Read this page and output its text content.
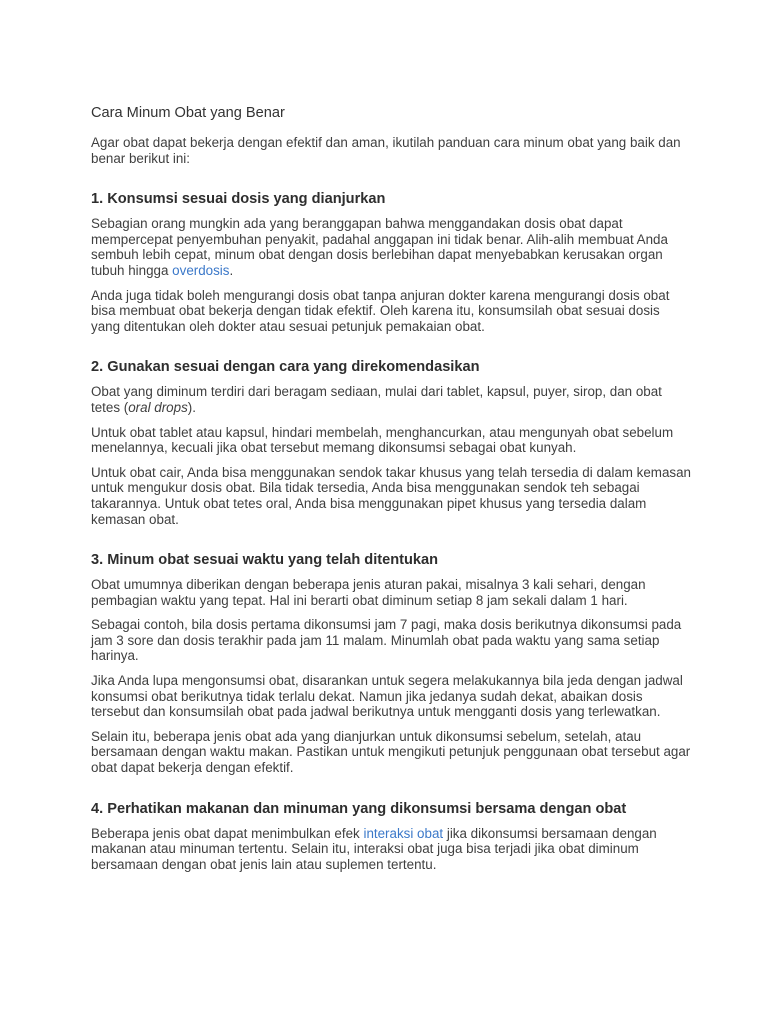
Cara Minum Obat yang Benar

Agar obat dapat bekerja dengan efektif dan aman, ikutilah panduan cara minum obat yang baik dan benar berikut ini:

1. Konsumsi sesuai dosis yang dianjurkan

Sebagian orang mungkin ada yang beranggapan bahwa menggandakan dosis obat dapat mempercepat penyembuhan penyakit, padahal anggapan ini tidak benar. Alih-alih membuat Anda sembuh lebih cepat, minum obat dengan dosis berlebihan dapat menyebabkan kerusakan organ tubuh hingga overdosis.

Anda juga tidak boleh mengurangi dosis obat tanpa anjuran dokter karena mengurangi dosis obat bisa membuat obat bekerja dengan tidak efektif. Oleh karena itu, konsumsilah obat sesuai dosis yang ditentukan oleh dokter atau sesuai petunjuk pemakaian obat.

2. Gunakan sesuai dengan cara yang direkomendasikan

Obat yang diminum terdiri dari beragam sediaan, mulai dari tablet, kapsul, puyer, sirop, dan obat tetes (oral drops).

Untuk obat tablet atau kapsul, hindari membelah, menghancurkan, atau mengunyah obat sebelum menelannya, kecuali jika obat tersebut memang dikonsumsi sebagai obat kunyah.

Untuk obat cair, Anda bisa menggunakan sendok takar khusus yang telah tersedia di dalam kemasan untuk mengukur dosis obat. Bila tidak tersedia, Anda bisa menggunakan sendok teh sebagai takarannya. Untuk obat tetes oral, Anda bisa menggunakan pipet khusus yang tersedia dalam kemasan obat.

3. Minum obat sesuai waktu yang telah ditentukan

Obat umumnya diberikan dengan beberapa jenis aturan pakai, misalnya 3 kali sehari, dengan pembagian waktu yang tepat. Hal ini berarti obat diminum setiap 8 jam sekali dalam 1 hari.

Sebagai contoh, bila dosis pertama dikonsumsi jam 7 pagi, maka dosis berikutnya dikonsumsi pada jam 3 sore dan dosis terakhir pada jam 11 malam. Minumlah obat pada waktu yang sama setiap harinya.

Jika Anda lupa mengonsumsi obat, disarankan untuk segera melakukannya bila jeda dengan jadwal konsumsi obat berikutnya tidak terlalu dekat. Namun jika jedanya sudah dekat, abaikan dosis tersebut dan konsumsilah obat pada jadwal berikutnya untuk mengganti dosis yang terlewatkan.

Selain itu, beberapa jenis obat ada yang dianjurkan untuk dikonsumsi sebelum, setelah, atau bersamaan dengan waktu makan. Pastikan untuk mengikuti petunjuk penggunaan obat tersebut agar obat dapat bekerja dengan efektif.

4. Perhatikan makanan dan minuman yang dikonsumsi bersama dengan obat

Beberapa jenis obat dapat menimbulkan efek interaksi obat jika dikonsumsi bersamaan dengan makanan atau minuman tertentu. Selain itu, interaksi obat juga bisa terjadi jika obat diminum bersamaan dengan obat jenis lain atau suplemen tertentu.
